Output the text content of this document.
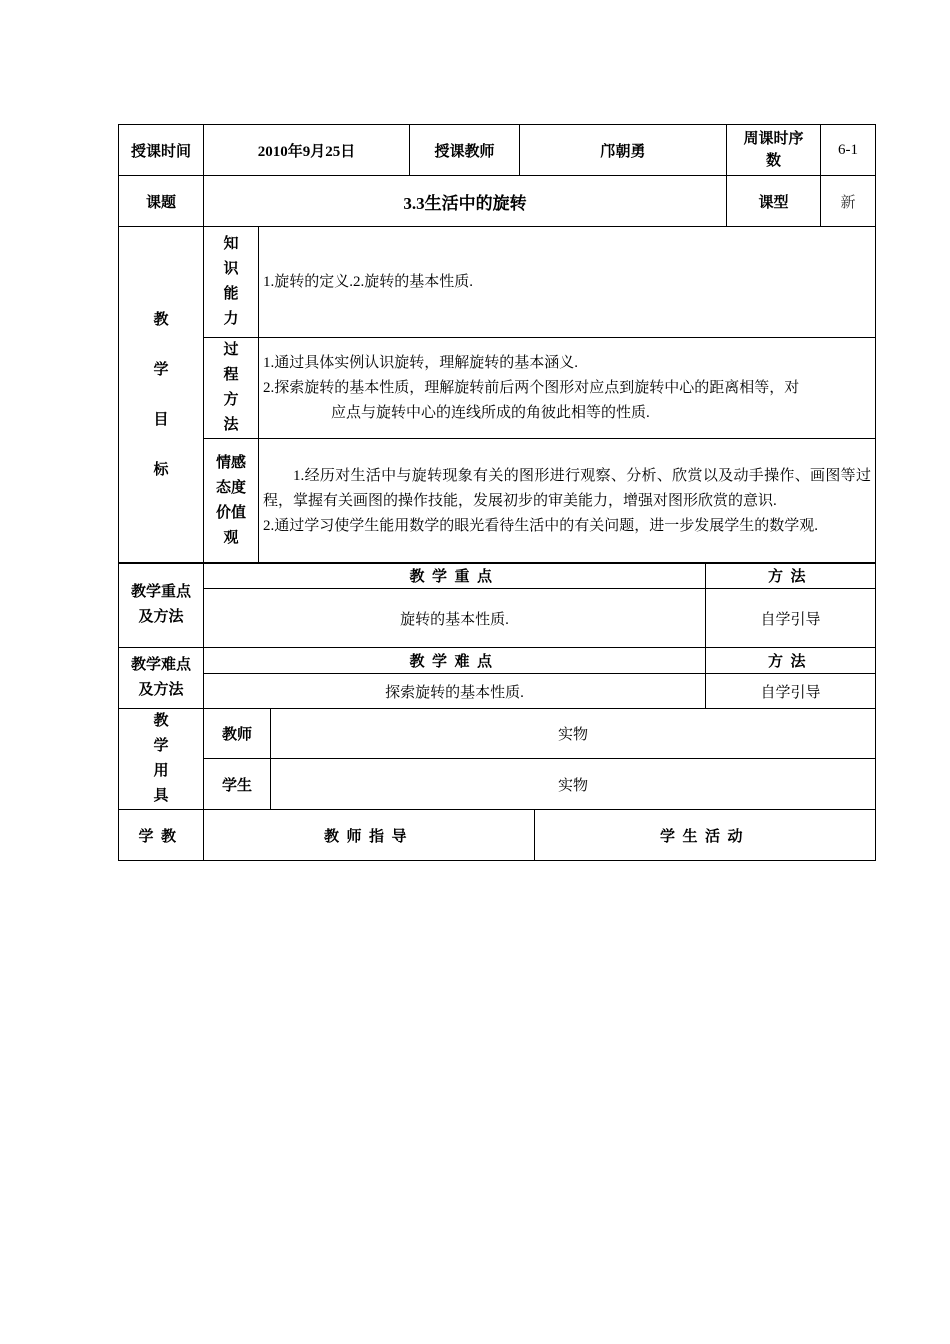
授课时间	2010年9月25日	授课教师	邝朝勇	周课时序数	6-1
课题	3.3生活中的旋转			课型	新
教学目标	知识能力	1.旋转的定义.2.旋转的基本性质.

	过程方法	1.通过具体实例认识旋转，理解旋转的基本涵义.
2.探索旋转的基本性质，理解旋转前后两个图形对应点到旋转中心的距离相等，对
应点与旋转中心的连线所成的角彼此相等的性质.

	情感态度价值观	1.经历对生活中与旋转现象有关的图形进行观察、分析、欣赏以及动手操作、画图等过程，掌握有关画图的操作技能，发展初步的审美能力，增强对图形欣赏的意识.
2.通过学习使学生能用数学的眼光看待生活中的有关问题，进一步发展学生的数学观.
教学重点
及方法	教学重点	方法
	旋转的基本性质.	自学引导

教学难点
及方法	教学难点	方法
	探索旋转的基本性质.	自学引导
教学用具	教师	实物
	学生	实物
学教	教师指导	学生活动
